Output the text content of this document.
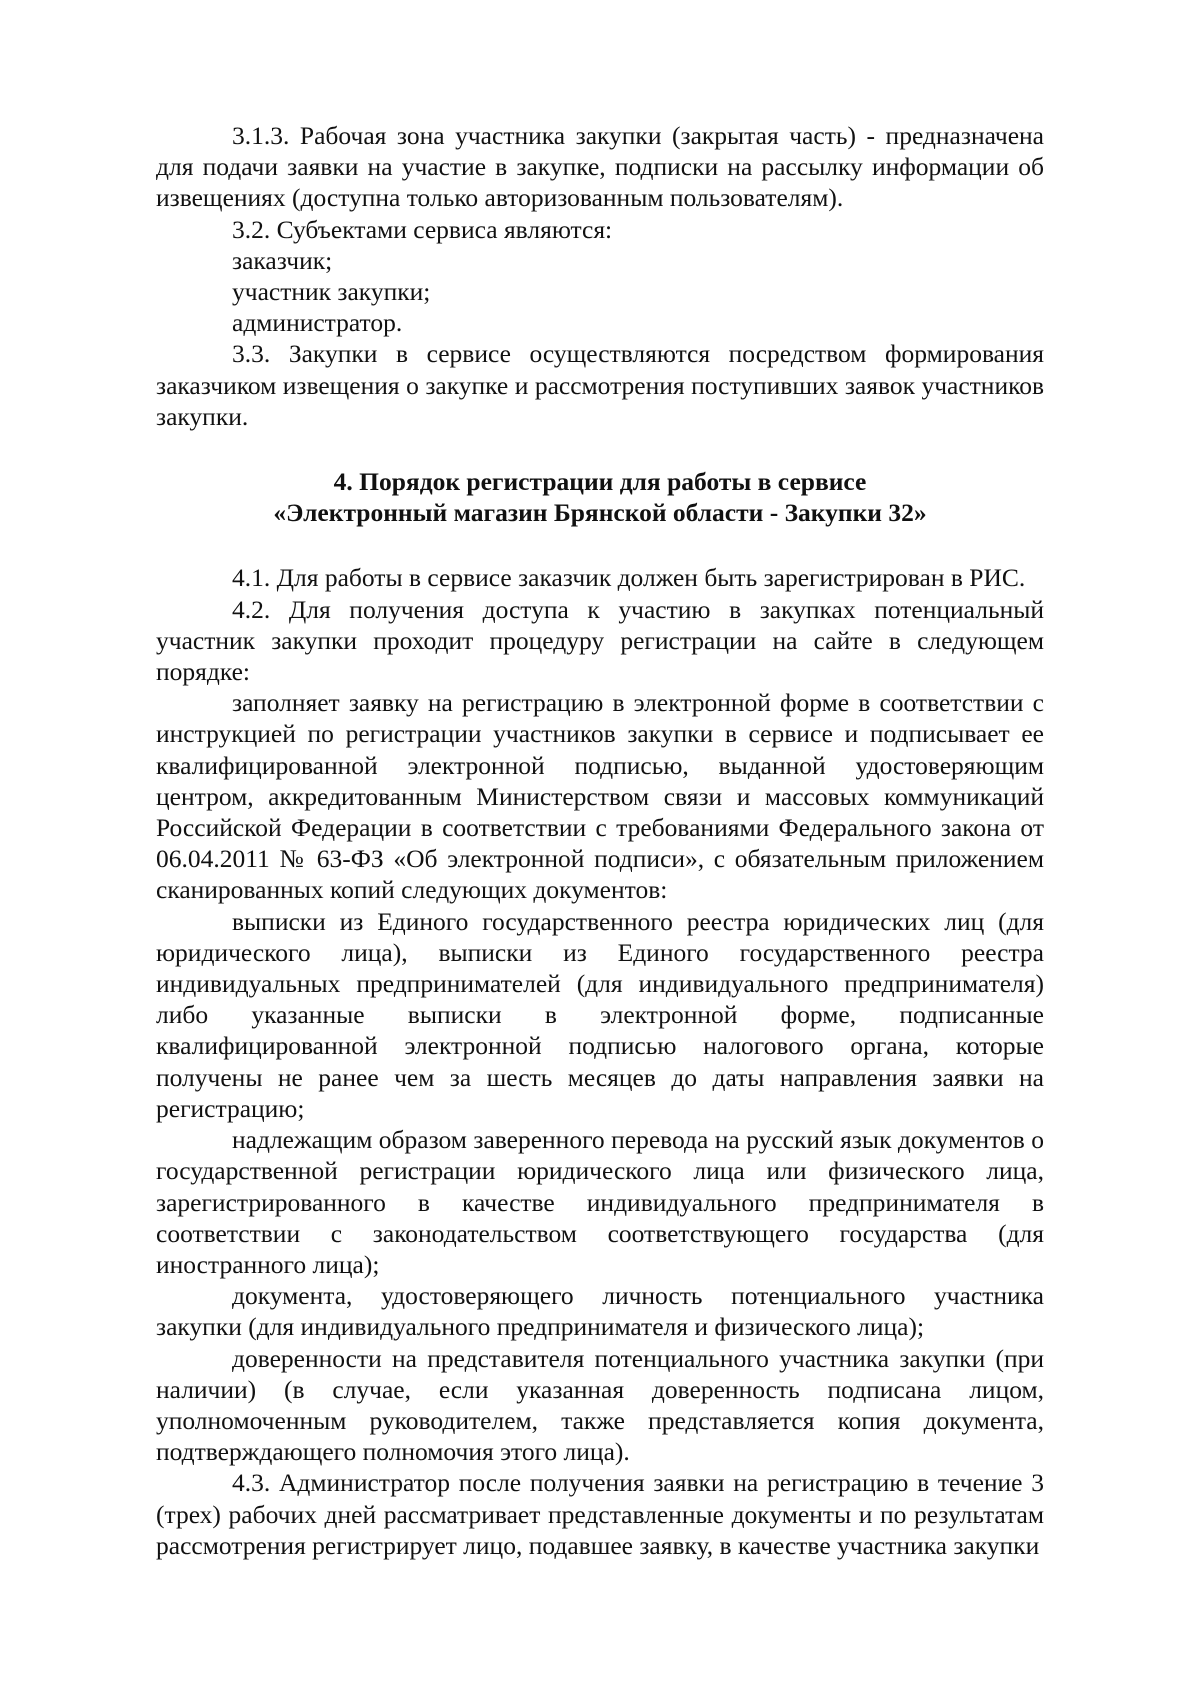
3.1.3. Рабочая зона участника закупки (закрытая часть) - предназначена для подачи заявки на участие в закупке, подписки на рассылку информации об извещениях (доступна только авторизованным пользователям).

3.2. Субъектами сервиса являются:

заказчик;

участник закупки;

администратор.

3.3. Закупки в сервисе осуществляются посредством формирования заказчиком извещения о закупке и рассмотрения поступивших заявок участников закупки.

4. Порядок регистрации для работы в сервисе

«Электронный магазин Брянской области - Закупки 32»

4.1. Для работы в сервисе заказчик должен быть зарегистрирован в РИС.

4.2. Для получения доступа к участию в закупках потенциальный участник закупки проходит процедуру регистрации на сайте в следующем порядке:

заполняет заявку на регистрацию в электронной форме в соответствии с инструкцией по регистрации участников закупки в сервисе и подписывает ее квалифицированной электронной подписью, выданной удостоверяющим центром, аккредитованным Министерством связи и массовых коммуникаций Российской Федерации в соответствии с требованиями Федерального закона от 06.04.2011 № 63-ФЗ «Об электронной подписи», с обязательным приложением сканированных копий следующих документов:

выписки из Единого государственного реестра юридических лиц (для юридического лица), выписки из Единого государственного реестра индивидуальных предпринимателей (для индивидуального предпринимателя) либо указанные выписки в электронной форме, подписанные квалифицированной электронной подписью налогового органа, которые получены не ранее чем за шесть месяцев до даты направления заявки на регистрацию;

надлежащим образом заверенного перевода на русский язык документов о государственной регистрации юридического лица или физического лица, зарегистрированного в качестве индивидуального предпринимателя в соответствии с законодательством соответствующего государства (для иностранного лица);

документа, удостоверяющего личность потенциального участника закупки (для индивидуального предпринимателя и физического лица);

доверенности на представителя потенциального участника закупки (при наличии) (в случае, если указанная доверенность подписана лицом, уполномоченным руководителем, также представляется копия документа, подтверждающего полномочия этого лица).

4.3. Администратор после получения заявки на регистрацию в течение 3 (трех) рабочих дней рассматривает представленные документы и по результатам рассмотрения регистрирует лицо, подавшее заявку, в качестве участника закупки
